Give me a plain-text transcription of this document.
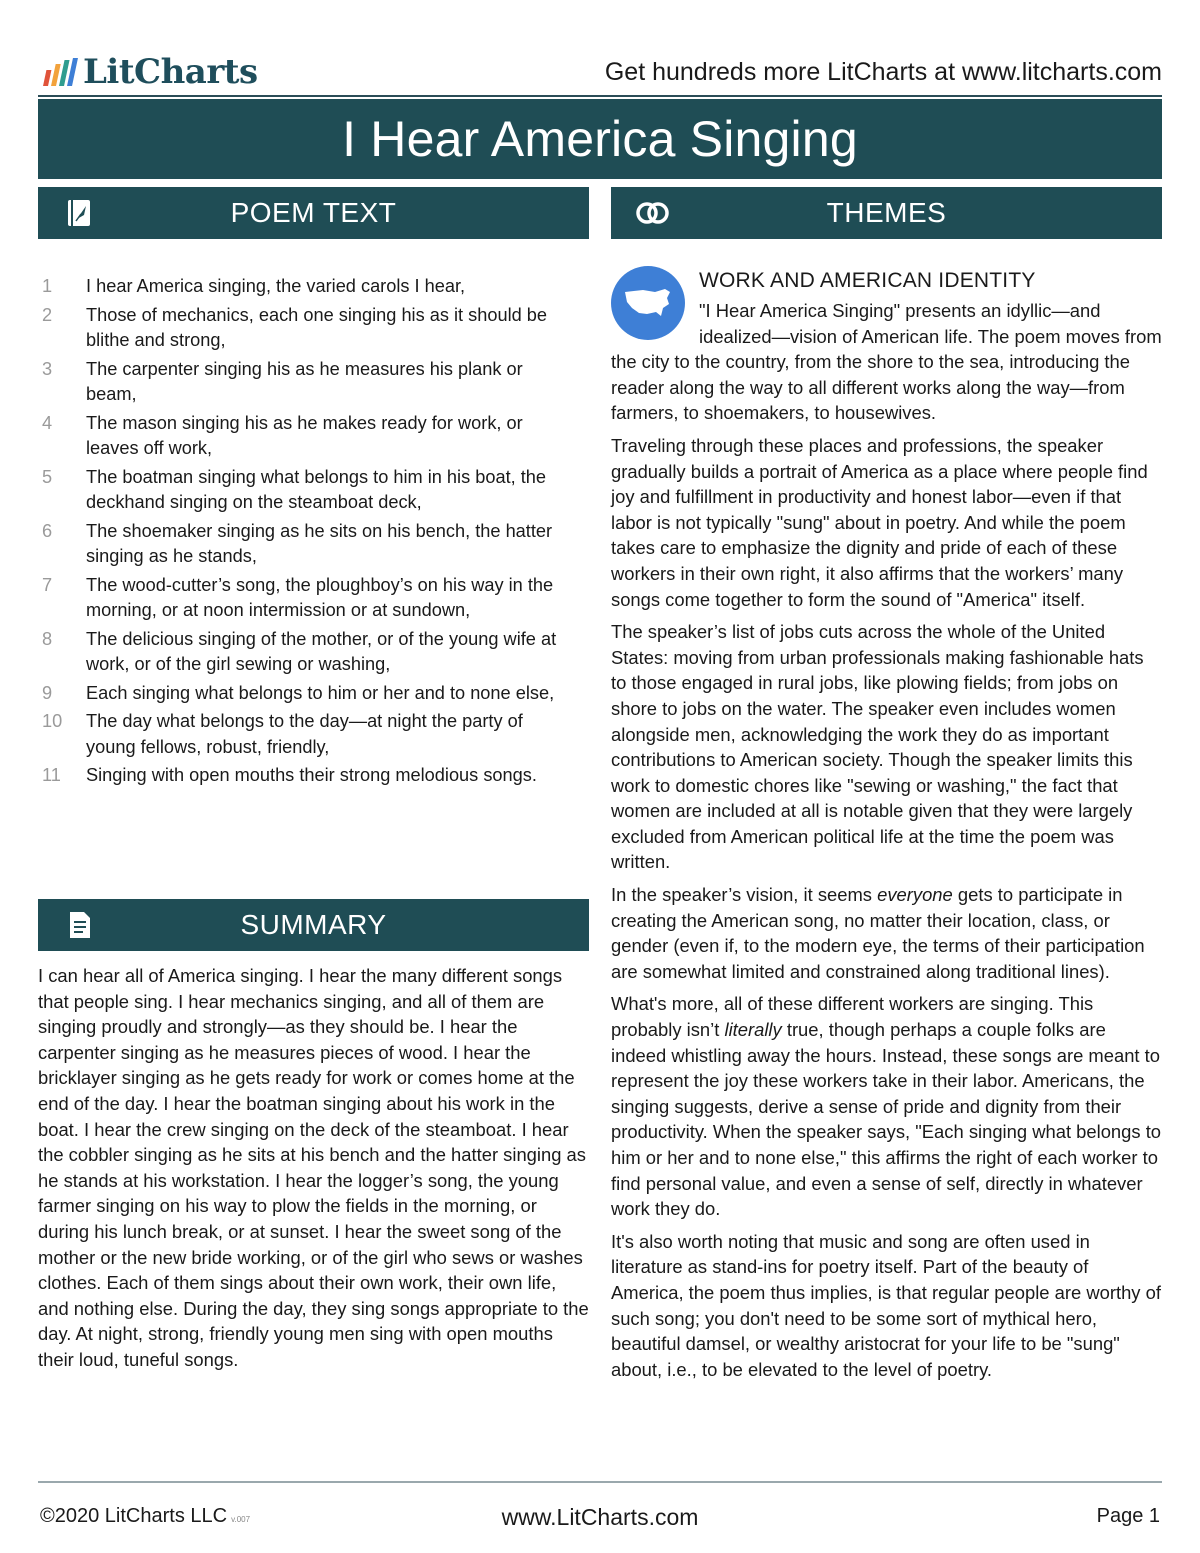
LitCharts	Get hundreds more LitCharts at www.litcharts.com
I Hear America Singing
POEM TEXT	THEMES
1	I hear America singing, the varied carols I hear,
2	Those of mechanics, each one singing his as it should be blithe and strong,
3	The carpenter singing his as he measures his plank or beam,
4	The mason singing his as he makes ready for work, or leaves off work,
5	The boatman singing what belongs to him in his boat, the deckhand singing on the steamboat deck,
6	The shoemaker singing as he sits on his bench, the hatter singing as he stands,
7	The wood-cutter’s song, the ploughboy’s on his way in the morning, or at noon intermission or at sundown,
8	The delicious singing of the mother, or of the young wife at work, or of the girl sewing or washing,
9	Each singing what belongs to him or her and to none else,
10	The day what belongs to the day—at night the party of young fellows, robust, friendly,
11	Singing with open mouths their strong melodious songs.
SUMMARY
I can hear all of America singing. I hear the many different songs that people sing. I hear mechanics singing, and all of them are singing proudly and strongly—as they should be. I hear the carpenter singing as he measures pieces of wood. I hear the bricklayer singing as he gets ready for work or comes home at the end of the day. I hear the boatman singing about his work in the boat. I hear the crew singing on the deck of the steamboat. I hear the cobbler singing as he sits at his bench and the hatter singing as he stands at his workstation. I hear the logger’s song, the young farmer singing on his way to plow the fields in the morning, or during his lunch break, or at sunset. I hear the sweet song of the mother or the new bride working, or of the girl who sews or washes clothes. Each of them sings about their own work, their own life, and nothing else. During the day, they sing songs appropriate to the day. At night, strong, friendly young men sing with open mouths their loud, tuneful songs.
WORK AND AMERICAN IDENTITY

"I Hear America Singing" presents an idyllic—and idealized—vision of American life. The poem moves from the city to the country, from the shore to the sea, introducing the reader along the way to all different works along the way—from farmers, to shoemakers, to housewives.

Traveling through these places and professions, the speaker gradually builds a portrait of America as a place where people find joy and fulfillment in productivity and honest labor—even if that labor is not typically "sung" about in poetry. And while the poem takes care to emphasize the dignity and pride of each of these workers in their own right, it also affirms that the workers’ many songs come together to form the sound of "America" itself.

The speaker’s list of jobs cuts across the whole of the United States: moving from urban professionals making fashionable hats to those engaged in rural jobs, like plowing fields; from jobs on shore to jobs on the water. The speaker even includes women alongside men, acknowledging the work they do as important contributions to American society. Though the speaker limits this work to domestic chores like "sewing or washing," the fact that women are included at all is notable given that they were largely excluded from American political life at the time the poem was written.

In the speaker’s vision, it seems everyone gets to participate in creating the American song, no matter their location, class, or gender (even if, to the modern eye, the terms of their participation are somewhat limited and constrained along traditional lines).

What's more, all of these different workers are singing. This probably isn’t literally true, though perhaps a couple folks are indeed whistling away the hours. Instead, these songs are meant to represent the joy these workers take in their labor. Americans, the singing suggests, derive a sense of pride and dignity from their productivity. When the speaker says, "Each singing what belongs to him or her and to none else," this affirms the right of each worker to find personal value, and even a sense of self, directly in whatever work they do.

It's also worth noting that music and song are often used in literature as stand-ins for poetry itself. Part of the beauty of America, the poem thus implies, is that regular people are worthy of such song; you don't need to be some sort of mythical hero, beautiful damsel, or wealthy aristocrat for your life to be "sung" about, i.e., to be elevated to the level of poetry.

©2020 LitCharts LLC v.007	www.LitCharts.com	Page 1
